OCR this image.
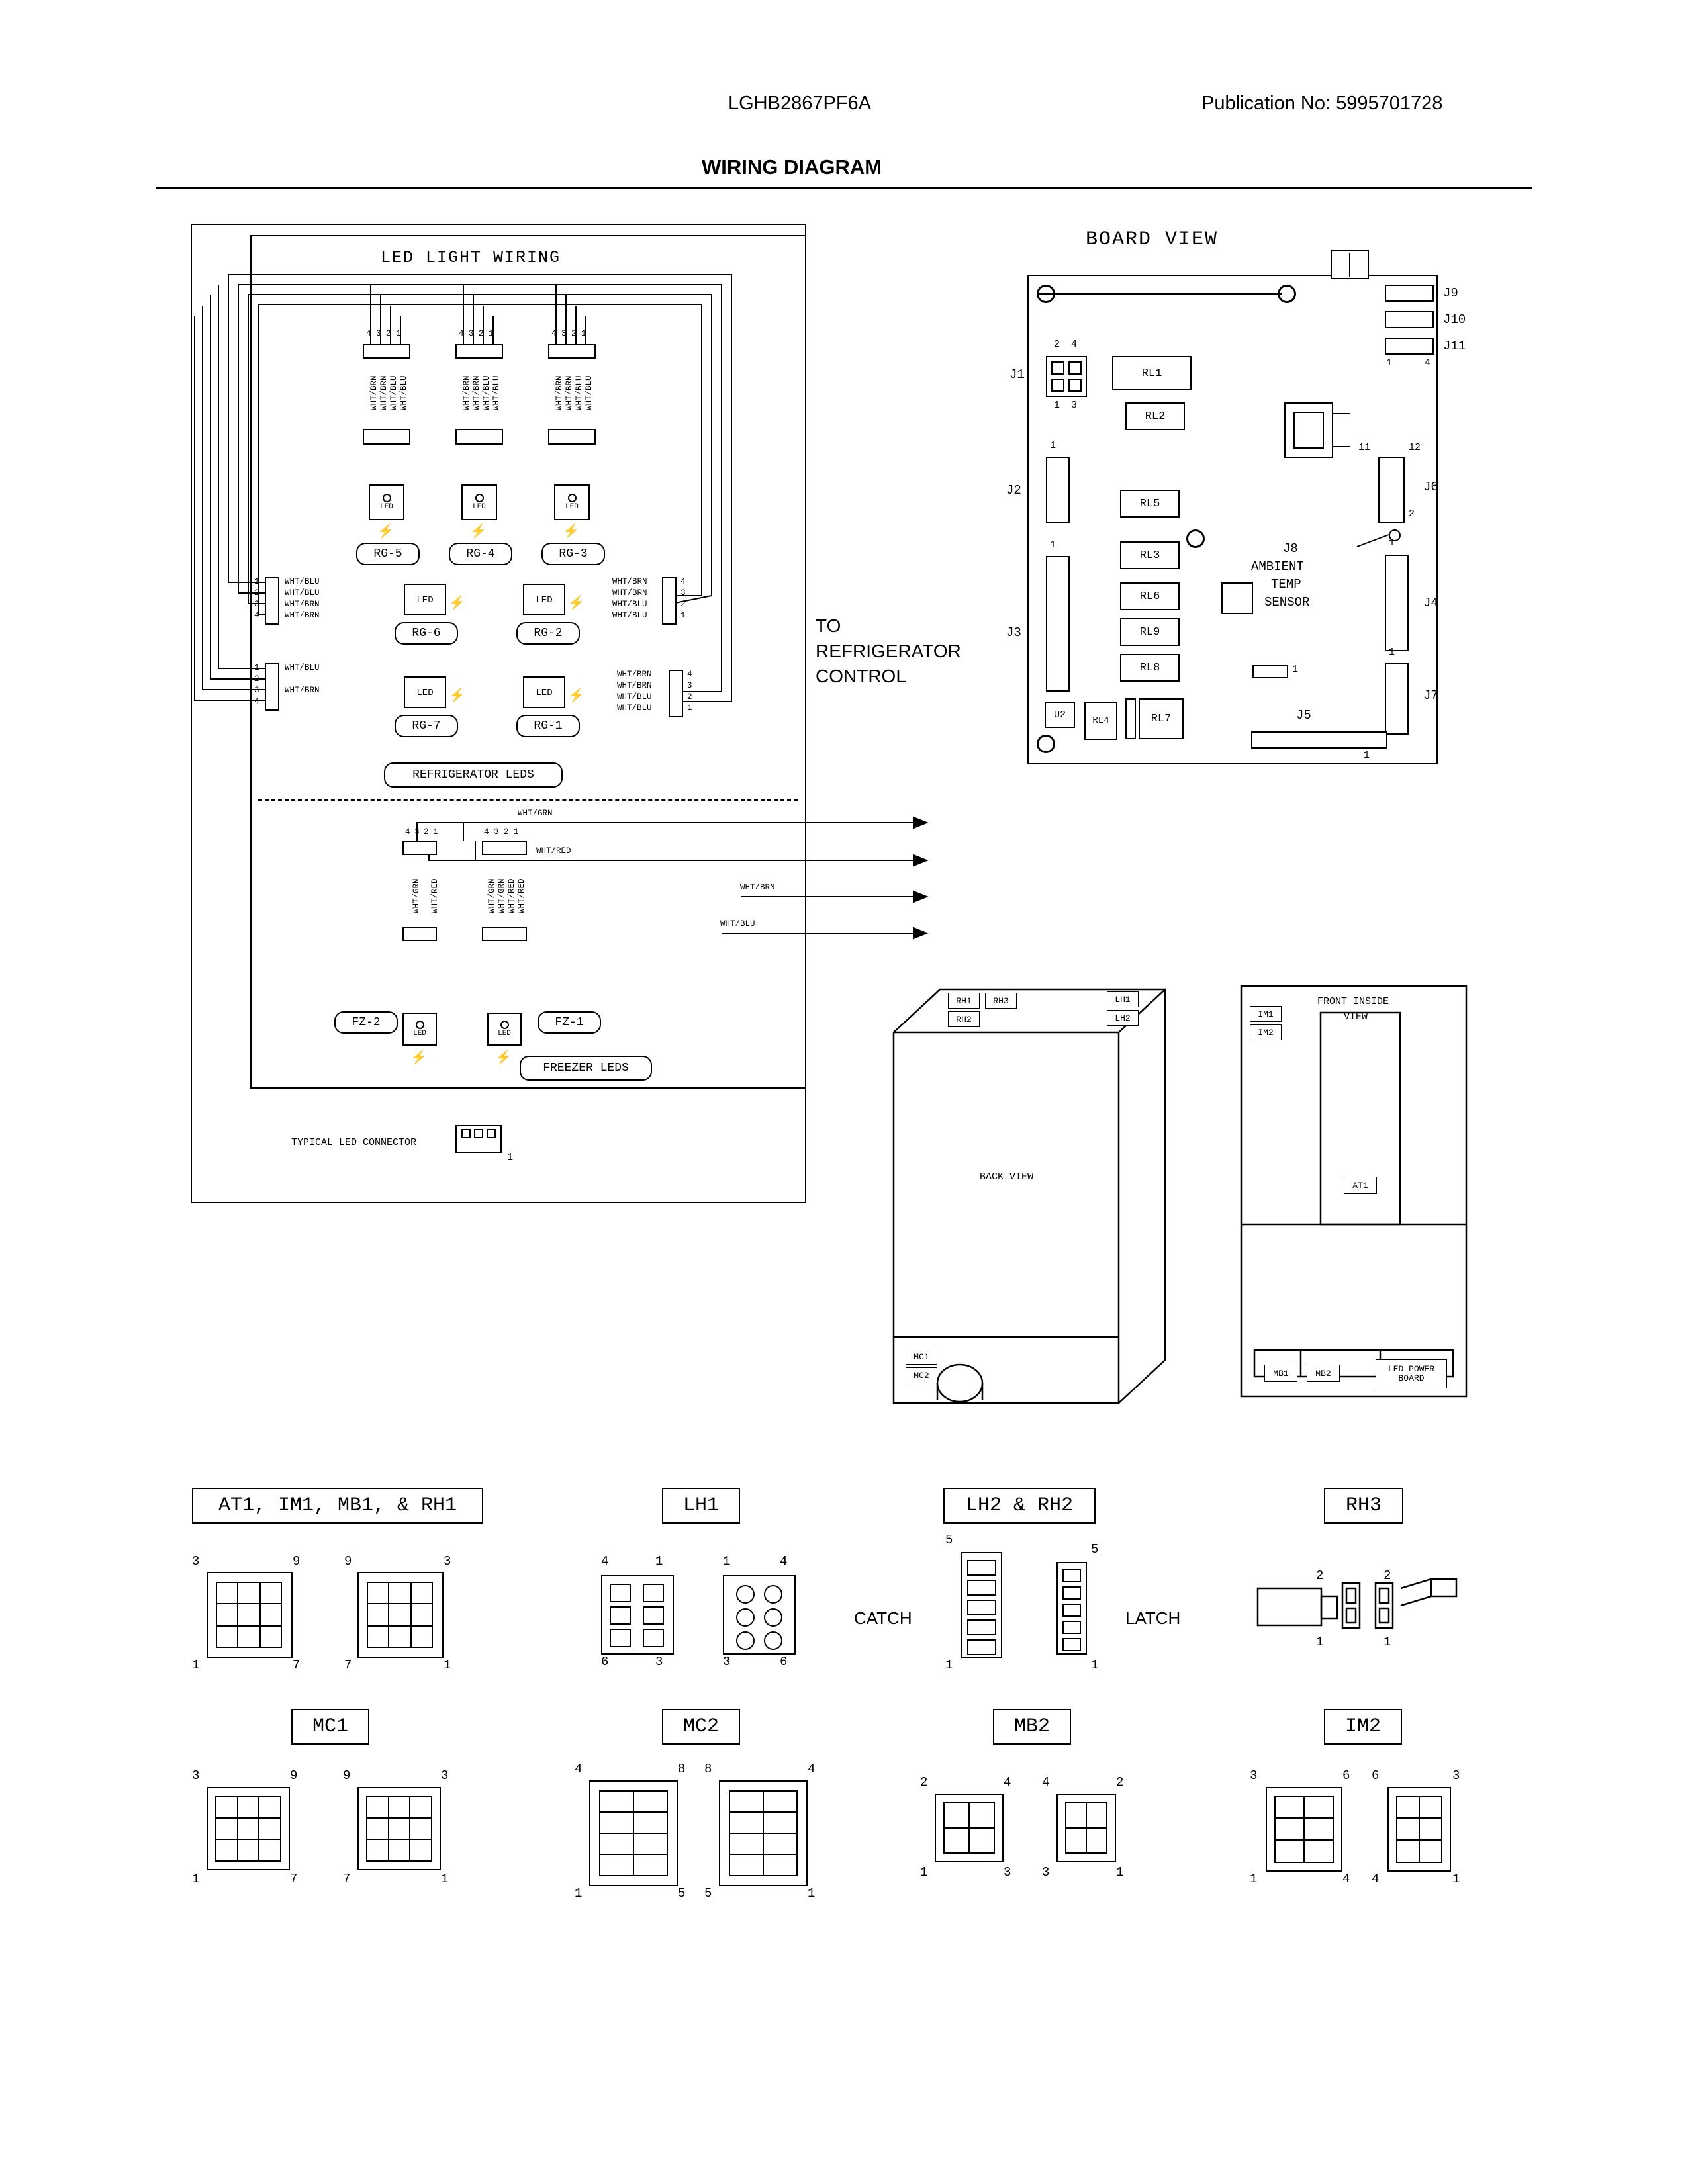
LGHB2867PF6A	Publication No: 5995701728
WIRING DIAGRAM
LED LIGHT WIRING
REFRIGERATOR LEDS
FREEZER LEDS
TYPICAL LED CONNECTOR
1
TO
REFRIGERATOR
CONTROL
4 3 2 1
WHT/BRN WHT/BRN WHT/BLU WHT/BLU
LED
⚡
RG-5
4 3 2 1
WHT/BRN WHT/BRN WHT/BLU WHT/BLU
LED
⚡
RG-4
4 3 2 1
WHT/BRN WHT/BRN WHT/BLU WHT/BLU
LED
⚡
RG-3
1
2
3
4
WHT/BLU
WHT/BLU
WHT/BRN
WHT/BRN
LED ⚡
RG-6
LED ⚡
RG-2
4
3
2
1
WHT/BRN
WHT/BRN
WHT/BLU
WHT/BLU
1
2
3
4
WHT/BLU
WHT/BRN	LED ⚡
RG-7
LED ⚡
RG-1
4
3
2
1
WHT/BRN
WHT/BRN
WHT/BLU
WHT/BLU
WHT/GRN
WHT/RED
WHT/BRN
WHT/BLU
4 3 2 1
WHT/GRN WHT/RED
LED
⚡
FZ-2
4 3 2 1
WHT/GRN WHT/GRN WHT/RED WHT/RED
LED
⚡
FZ-1
BOARD VIEW
J9
J10
J11
1	4
J1
2 4
1 3
J2
1
J3
1
RL1
RL2
RL5
RL3
RL6
RL9
RL8
RL4	RL7
U2
J6
11	12
2
J8
AMBIENT
TEMP
SENSOR	J4
1
J7
1
1
J5
1
BACK VIEW
RH1	RH3
RH2
LH1
LH2
MC1
MC2
FRONT INSIDE
VIEW
IM1
IM2
AT1
MB1	MB2	LED POWER
BOARD
AT1, IM1, MB1, & RH1
3	9
1	7
9	3
7	1
LH1
4	1
6	3
1	4
3	6
LH2 & RH2
CATCH
5
1
5
1
LATCH
RH3
2
1
2
1
MC1
3	9
1	7
9	3
7	1
MC2
4	8
1	5
8	4
5	1
MB2
2	4
1	3
4	2
3	1
IM2
3	6
1	4
6	3
4	1
